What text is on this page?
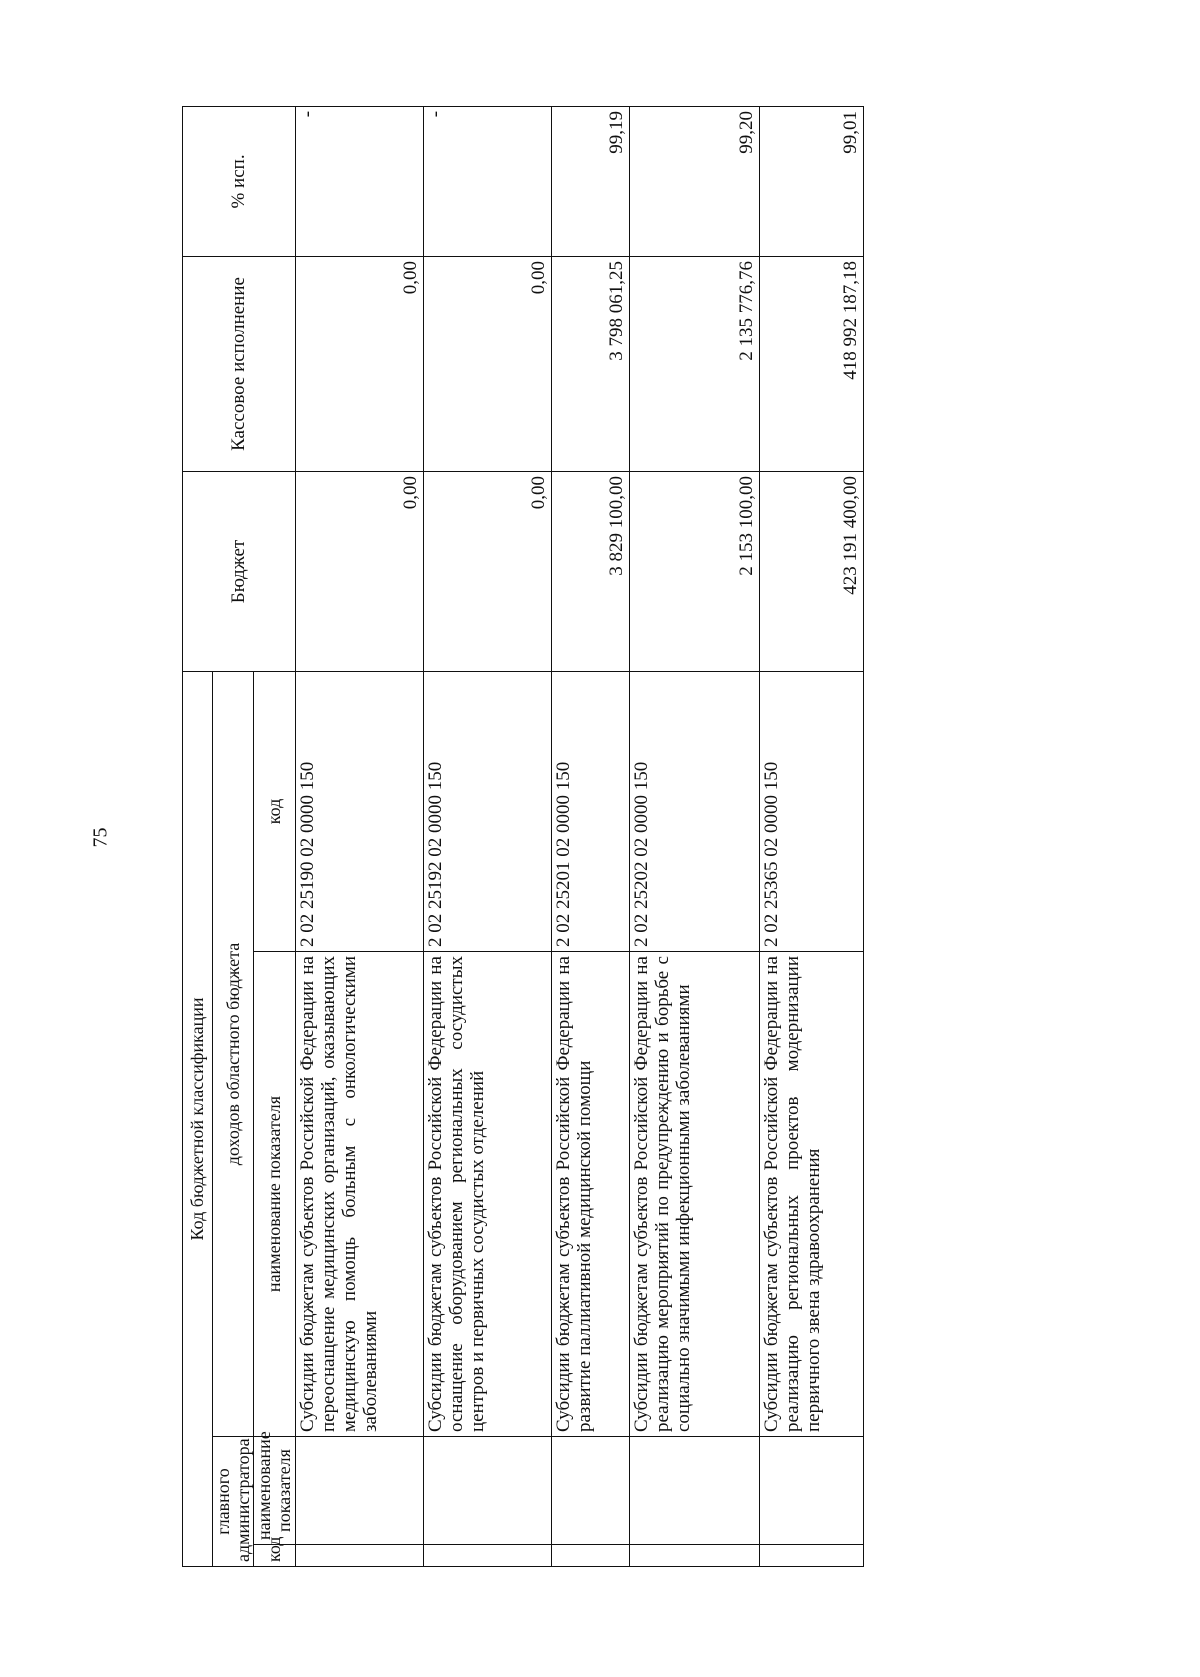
75
Код бюджетной классификации				Бюджет	Кассовое исполнение	% исп.
главного администратора		доходов областного бюджета				
код	наименование показателя	наименование показателя	код			
		Субсидии бюджетам субъектов Российской Федерации на переоснащение медицинских организаций, оказывающих медицинскую помощь больным с онкологическими заболеваниями	2 02 25190 02 0000 150	0,00	0,00	-
		Субсидии бюджетам субъектов Российской Федерации на оснащение оборудованием региональных сосудистых центров и первичных сосудистых отделений	2 02 25192 02 0000 150	0,00	0,00	-
		Субсидии бюджетам субъектов Российской Федерации на развитие паллиативной медицинской помощи	2 02 25201 02 0000 150	3 829 100,00	3 798 061,25	99,19
		Субсидии бюджетам субъектов Российской Федерации на реализацию мероприятий по предупреждению и борьбе с социально значимыми инфекционными заболеваниями	2 02 25202 02 0000 150	2 153 100,00	2 135 776,76	99,20
		Субсидии бюджетам субъектов Российской Федерации на реализацию региональных проектов модернизации первичного звена здравоохранения	2 02 25365 02 0000 150	423 191 400,00	418 992 187,18	99,01
